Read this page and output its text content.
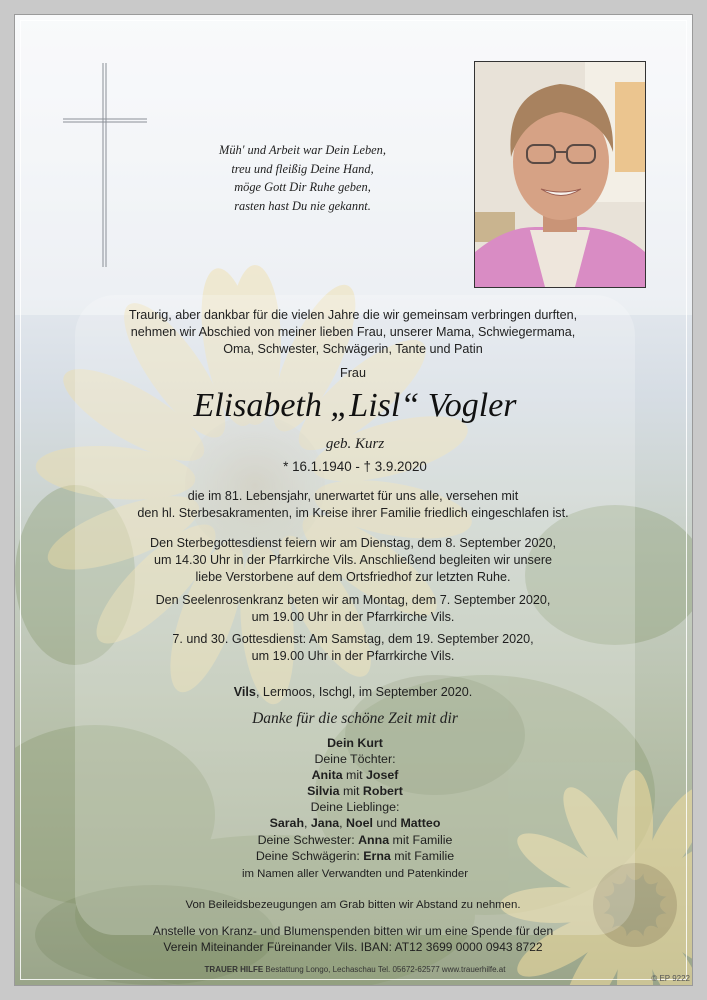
Müh' und Arbeit war Dein Leben,
treu und fleißig Deine Hand,
möge Gott Dir Ruhe geben,
rasten hast Du nie gekannt.
Traurig, aber dankbar für die vielen Jahre die wir gemeinsam verbringen durften,
nehmen wir Abschied von meiner lieben Frau, unserer Mama, Schwiegermama,
Oma, Schwester, Schwägerin, Tante und Patin
Frau
Elisabeth „Lisl“ Vogler
geb. Kurz
* 16.1.1940 - † 3.9.2020
die im 81. Lebensjahr, unerwartet für uns alle, versehen mit
den hl. Sterbesakramenten, im Kreise ihrer Familie friedlich eingeschlafen ist.
Den Sterbegottesdienst feiern wir am Dienstag, dem 8. September 2020,
um 14.30 Uhr in der Pfarrkirche Vils. Anschließend begleiten wir unsere
liebe Verstorbene auf dem Ortsfriedhof zur letzten Ruhe.
Den Seelenrosenkranz beten wir am Montag, dem 7. September 2020,
um 19.00 Uhr in der Pfarrkirche Vils.
7. und 30. Gottesdienst: Am Samstag, dem 19. September 2020,
um 19.00 Uhr in der Pfarrkirche Vils.
Vils, Lermoos, Ischgl, im September 2020.
Danke für die schöne Zeit mit dir
Dein Kurt
Deine Töchter:
Anita mit Josef
Silvia mit Robert
Deine Lieblinge:
Sarah, Jana, Noel und Matteo
Deine Schwester: Anna mit Familie
Deine Schwägerin: Erna mit Familie
im Namen aller Verwandten und Patenkinder
Von Beileidsbezeugungen am Grab bitten wir Abstand zu nehmen.
Anstelle von Kranz- und Blumenspenden bitten wir um eine Spende für den
Verein Miteinander Füreinander Vils. IBAN: AT12 3699 0000 0943 8722
TRAUER HILFE Bestattung Longo, Lechaschau Tel. 05672-62577 www.trauerhilfe.at
© EP 9222
